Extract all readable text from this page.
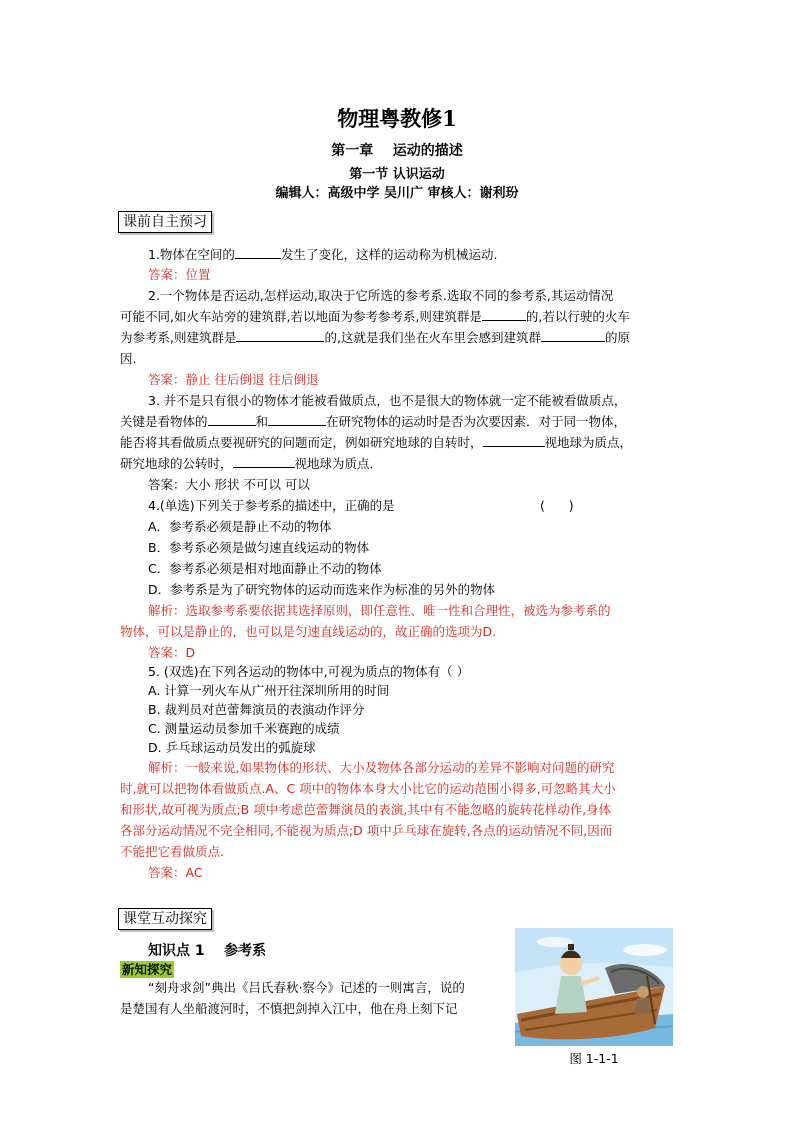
物理粤教修1
第一章    运动的描述
第一节 认识运动
编辑人：高级中学 吴川广 审核人：谢利玢
课前自主预习
1.物体在空间的	发生了变化，这样的运动称为机械运动.
答案：位置
2.一个物体是否运动,怎样运动,取决于它所选的参考系.选取不同的参考系,其运动情况
可能不同,如火车站旁的建筑群,若以地面为参考参考系,则建筑群是	的,若以行驶的火车
为参考系,则建筑群是	的,这就是我们坐在火车里会感到建筑群	的原
因.
答案：静止 往后倒退 往后倒退
3. 并不是只有很小的物体才能被看做质点，也不是很大的物体就一定不能被看做质点，
关键是看物体的	和	在研究物体的运动时是否为次要因素．对于同一物体，
能否将其看做质点要视研究的问题而定，例如研究地球的自转时，	视地球为质点，
研究地球的公转时，	视地球为质点．
答案：大小 形状 不可以 可以
4.(单选)下列关于参考系的描述中，正确的是	(      )
A．参考系必须是静止不动的物体
B．参考系必须是做匀速直线运动的物体
C．参考系必须是相对地面静止不动的物体
D．参考系是为了研究物体的运动而选来作为标准的另外的物体
解析：选取参考系要依据其选择原则，即任意性、唯一性和合理性，被选为参考系的
物体，可以是静止的，也可以是匀速直线运动的，故正确的选项为D.
答案：D
5. (双选)在下列各运动的物体中,可视为质点的物体有（ ）
A. 计算一列火车从广州开往深圳所用的时间
B. 裁判员对芭蕾舞演员的表演动作评分
C. 测量运动员参加千米赛跑的成绩
D. 乒乓球运动员发出的弧旋球
解析：一般来说,如果物体的形状、大小及物体各部分运动的差异不影响对问题的研究
时,就可以把物体看做质点.A、C 项中的物体本身大小比它的运动范围小得多,可忽略其大小
和形状,故可视为质点;B 项中考虑芭蕾舞演员的表演,其中有不能忽略的旋转花样动作,身体
各部分运动情况不完全相同,不能视为质点;D 项中乒乓球在旋转,各点的运动情况不同,因而
不能把它看做质点.
答案：AC
课堂互动探究
知识点 1    参考系
新知探究
“刻舟求剑”典出《吕氏春秋·察今》记述的一则寓言，说的
是楚国有人坐船渡河时，不慎把剑掉入江中，他在舟上刻下记
图 1-1-1
